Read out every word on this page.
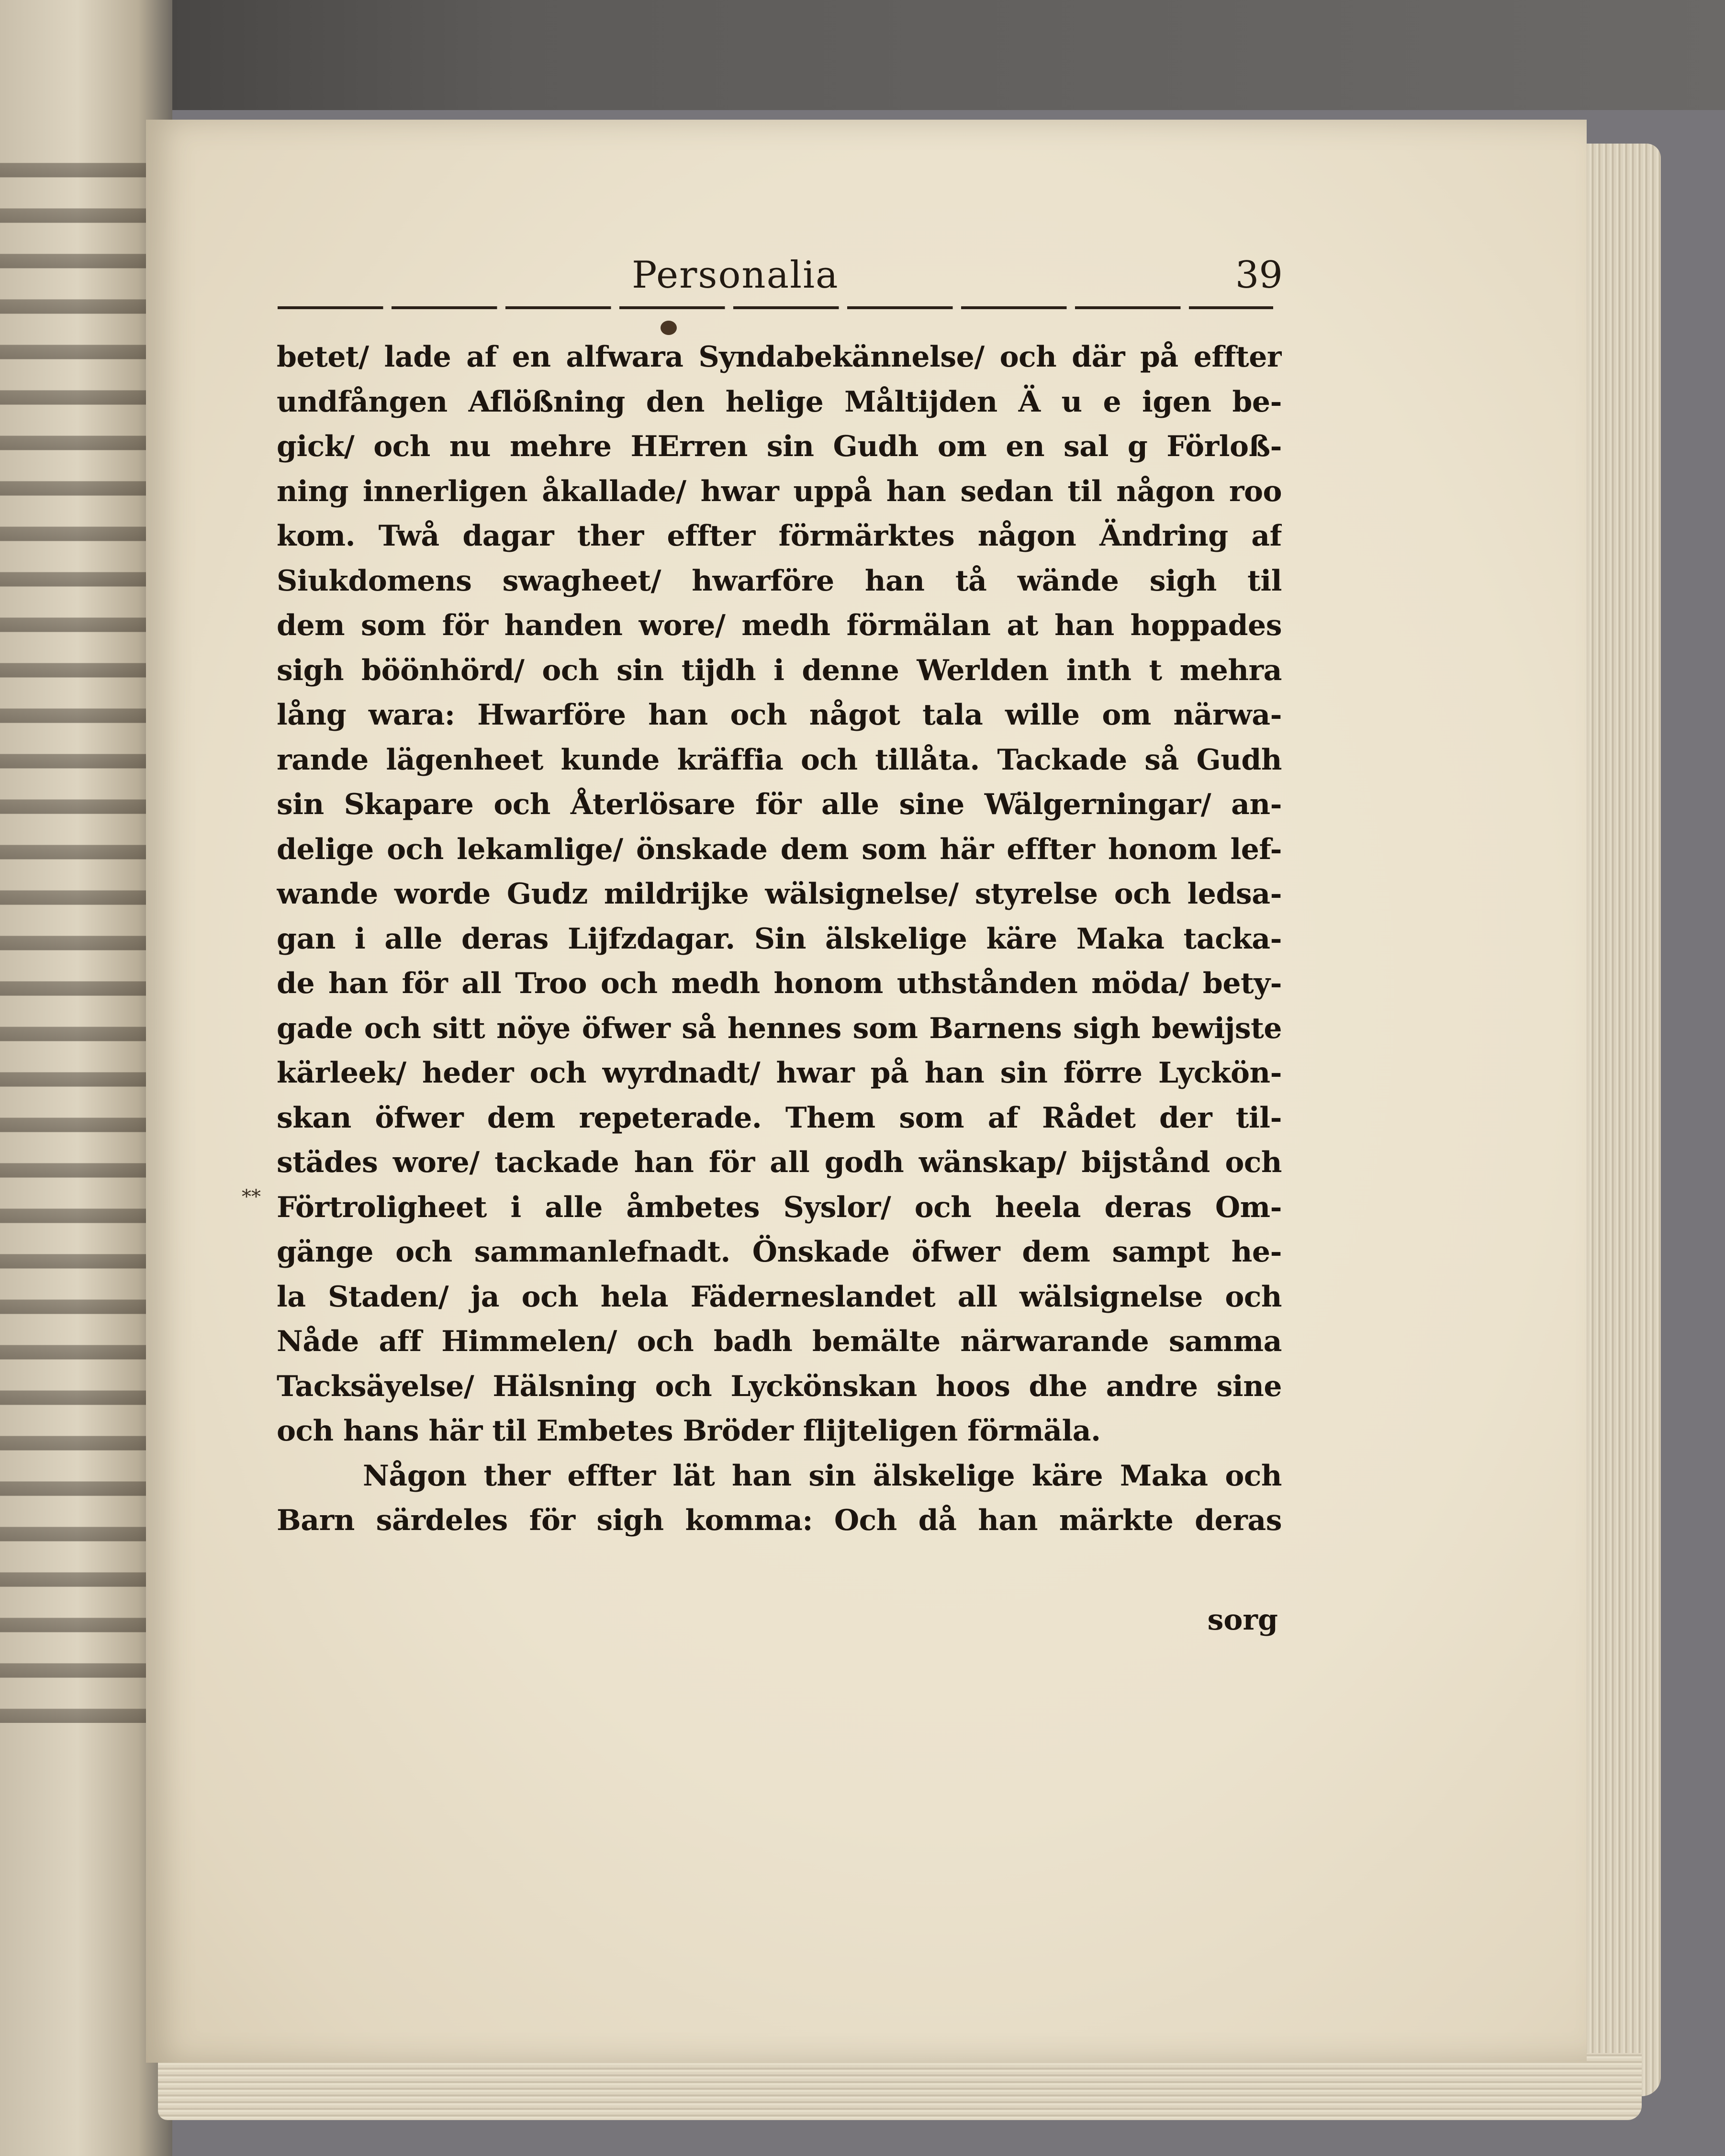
Personalia	39
**
betet/ lade af en alfwara Syndabekännelse/ och där på effter
undfången Aflößning den helige Måltijden Ä u e igen be-
gick/ och nu mehre HErren sin Gudh om en sal g Förloß-
ning innerligen åkallade/ hwar uppå han sedan til någon roo
kom. Twå dagar ther effter förmärktes någon Ändring af
Siukdomens swagheet/ hwarföre han tå wände sigh til
dem som för handen wore/ medh förmälan at han hoppades
sigh böönhörd/ och sin tijdh i denne Werlden inth t mehra
lång wara: Hwarföre han och något tala wille om närwa-
rande lägenheet kunde kräffia och tillåta. Tackade så Gudh
sin Skapare och Återlösare för alle sine Wälgerningar/ an-
delige och lekamlige/ önskade dem som här effter honom lef-
wande worde Gudz mildrijke wälsignelse/ styrelse och ledsa-
gan i alle deras Lijfzdagar. Sin älskelige käre Maka tacka-
de han för all Troo och medh honom uthstånden möda/ bety-
gade och sitt nöye öfwer så hennes som Barnens sigh bewijste
kärleek/ heder och wyrdnadt/ hwar på han sin förre Lyckön-
skan öfwer dem repeterade. Them som af Rådet der til-
städes wore/ tackade han för all godh wänskap/ bijstånd och
Förtroligheet i alle åmbetes Syslor/ och heela deras Om-
gänge och sammanlefnadt. Önskade öfwer dem sampt he-
la Staden/ ja och hela Fäderneslandet all wälsignelse och
Nåde aff Himmelen/ och badh bemälte närwarande samma
Tacksäyelse/ Hälsning och Lyckönskan hoos dhe andre sine
och hans här til Embetes Bröder flijteligen förmäla.
Någon ther effter lät han sin älskelige käre Maka och
Barn särdeles för sigh komma: Och då han märkte deras
sorg
